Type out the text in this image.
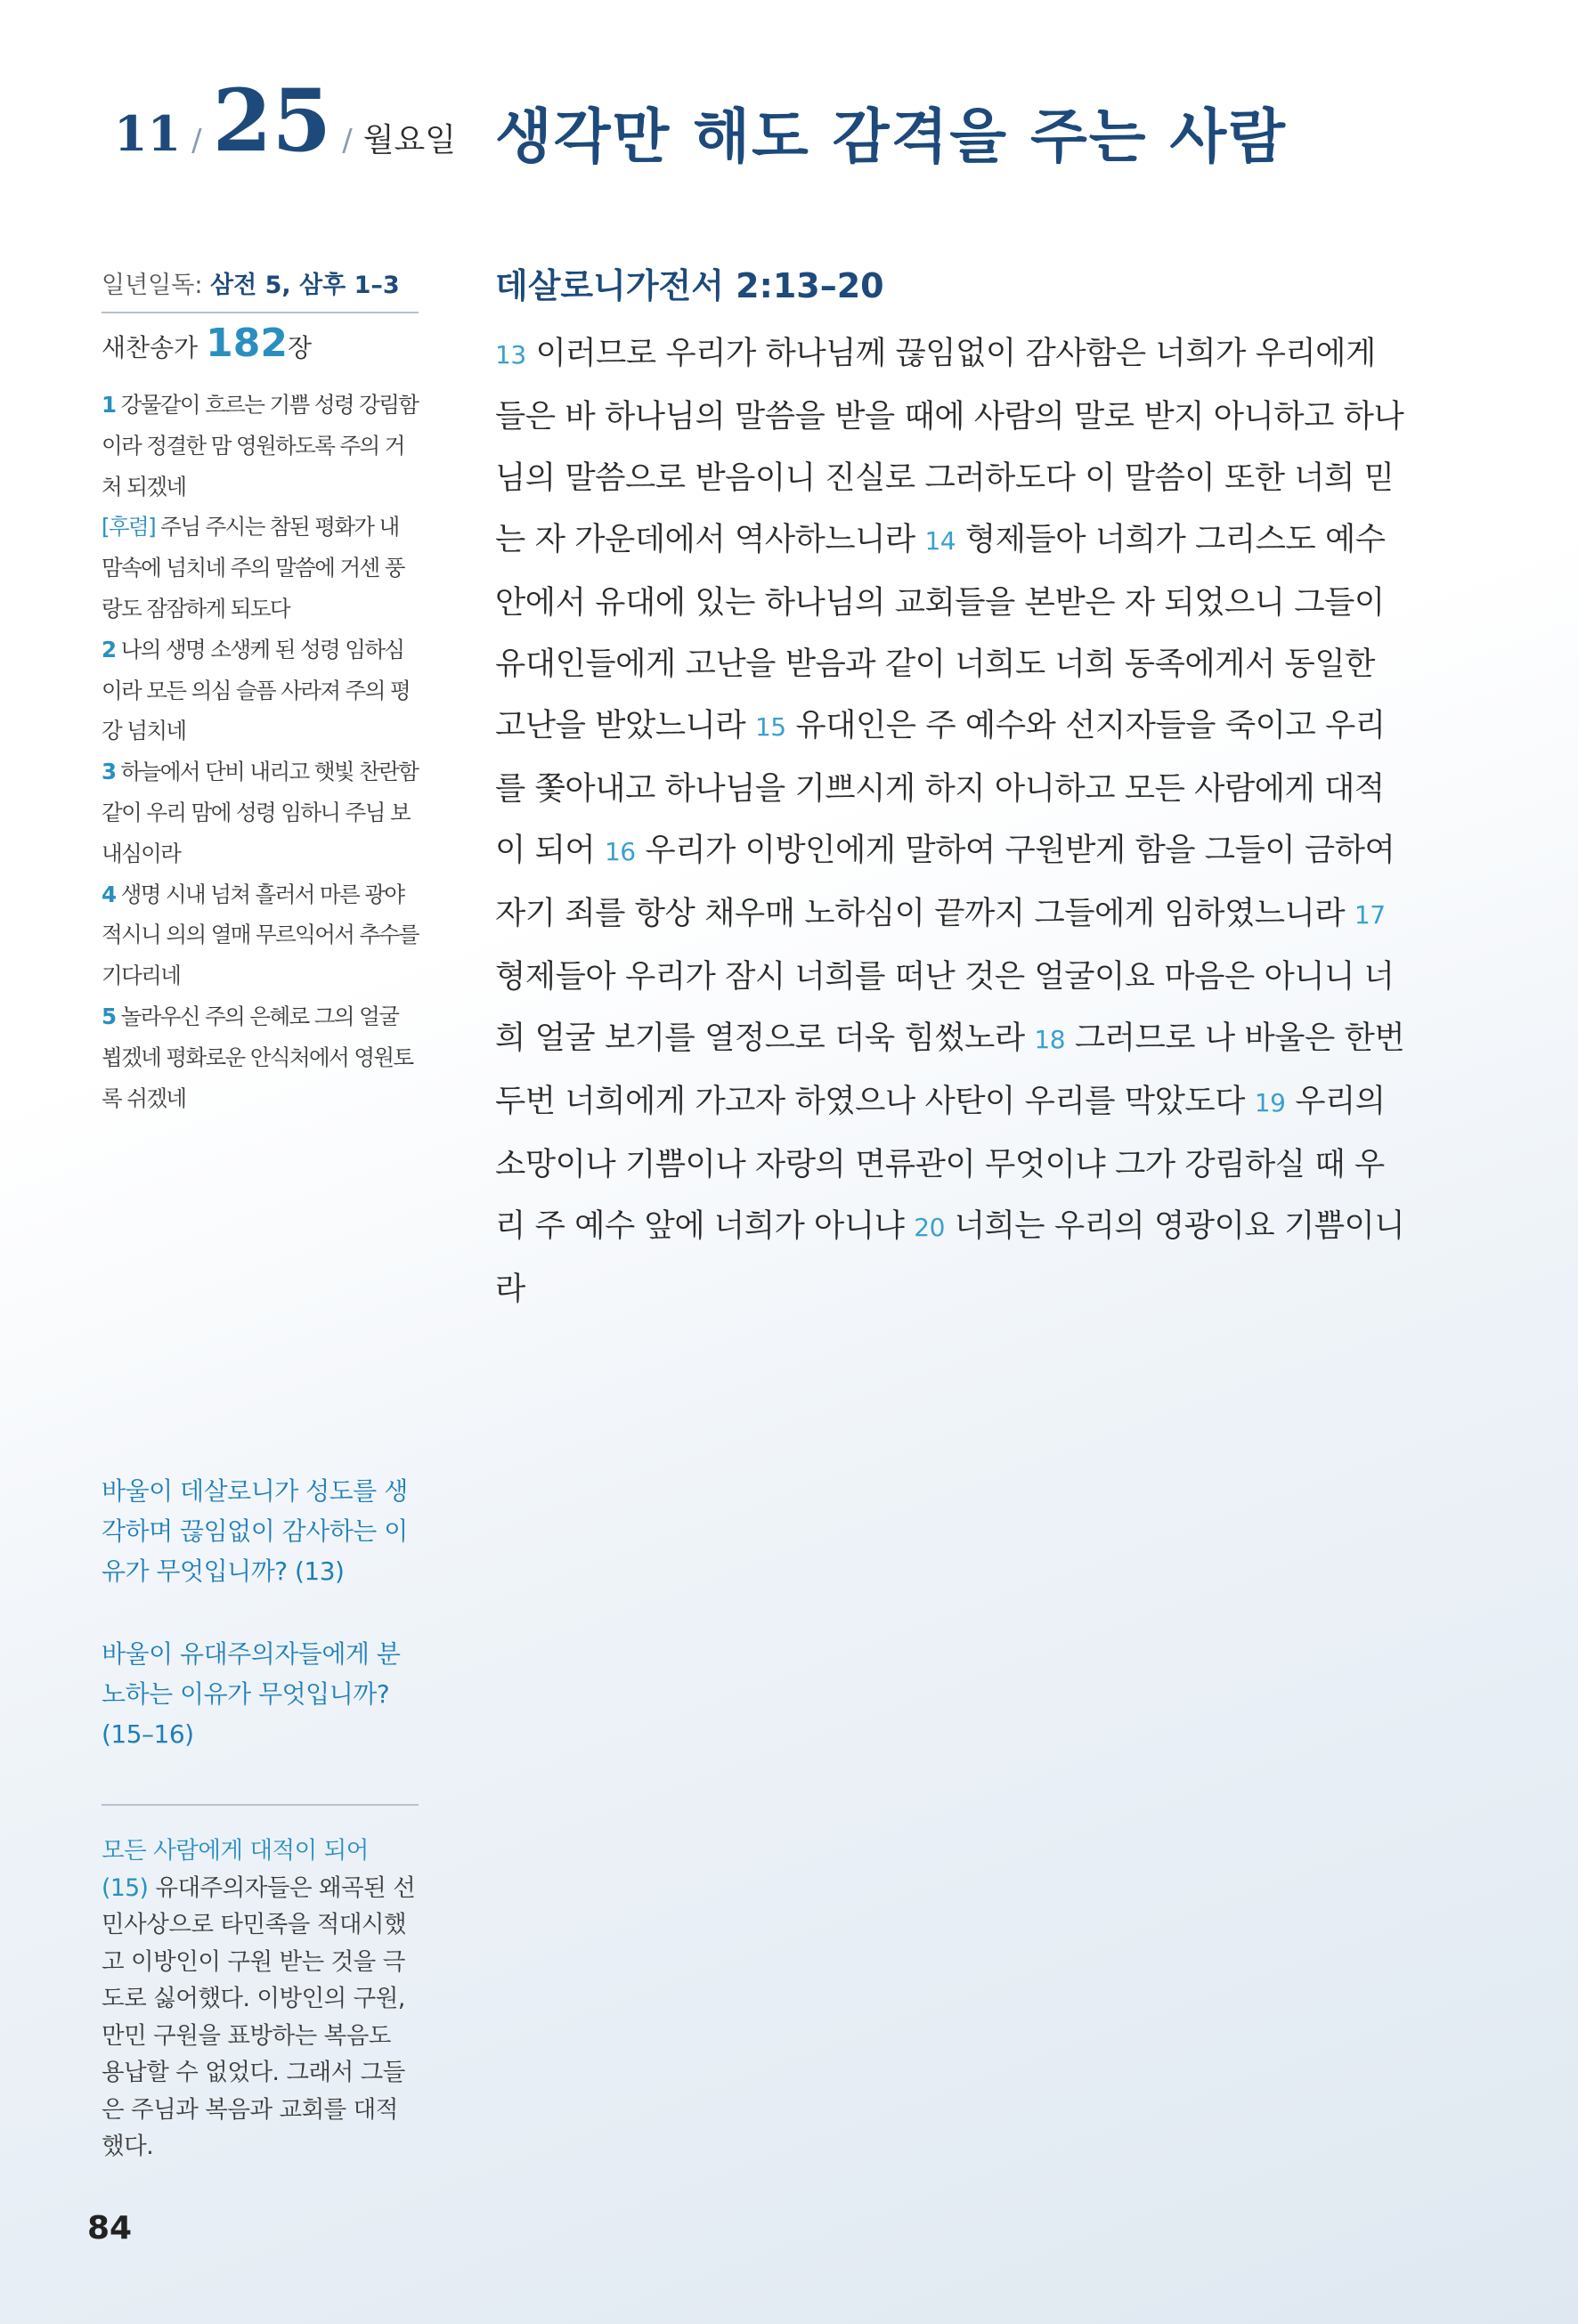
11 / 25 / 월요일 생각만 해도 감격을 주는 사람
일년일독: 삼전 5, 삼후 1–3
새찬송가 182장
1 강물같이 흐르는 기쁨 성령 강림함이라 정결한 맘 영원하도록 주의 거처 되겠네
[후렴] 주님 주시는 참된 평화가 내 맘속에 넘치네 주의 말씀에 거센 풍랑도 잠잠하게 되도다
2 나의 생명 소생케 된 성령 임하심이라 모든 의심 슬픔 사라져 주의 평강 넘치네
3 하늘에서 단비 내리고 햇빛 찬란함 같이 우리 맘에 성령 임하니 주님 보내심이라
4 생명 시내 넘쳐 흘러서 마른 광야 적시니 의의 열매 무르익어서 추수를 기다리네
5 놀라우신 주의 은혜로 그의 얼굴 뵙겠네 평화로운 안식처에서 영원토록 쉬겠네
바울이 데살로니가 성도를 생각하며 끊임없이 감사하는 이유가 무엇입니까? (13)
바울이 유대주의자들에게 분노하는 이유가 무엇입니까? (15–16)
모든 사람에게 대적이 되어 (15) 유대주의자들은 왜곡된 선민사상으로 타민족을 적대시했고 이방인이 구원 받는 것을 극도로 싫어했다. 이방인의 구원, 만민 구원을 표방하는 복음도 용납할 수 없었다. 그래서 그들은 주님과 복음과 교회를 대적했다.
84
데살로니가전서 2:13–20
13 이러므로 우리가 하나님께 끊임없이 감사함은 너희가 우리에게 들은 바 하나님의 말씀을 받을 때에 사람의 말로 받지 아니하고 하나님의 말씀으로 받음이니 진실로 그러하도다 이 말씀이 또한 너희 믿는 자 가운데에서 역사하느니라 14 형제들아 너희가 그리스도 예수 안에서 유대에 있는 하나님의 교회들을 본받은 자 되었으니 그들이 유대인들에게 고난을 받음과 같이 너희도 너희 동족에게서 동일한 고난을 받았느니라 15 유대인은 주 예수와 선지자들을 죽이고 우리를 쫓아내고 하나님을 기쁘시게 하지 아니하고 모든 사람에게 대적이 되어 16 우리가 이방인에게 말하여 구원받게 함을 그들이 금하여 자기 죄를 항상 채우매 노하심이 끝까지 그들에게 임하였느니라 17 형제들아 우리가 잠시 너희를 떠난 것은 얼굴이요 마음은 아니니 너희 얼굴 보기를 열정으로 더욱 힘썼노라 18 그러므로 나 바울은 한번 두번 너희에게 가고자 하였으나 사탄이 우리를 막았도다 19 우리의 소망이나 기쁨이나 자랑의 면류관이 무엇이냐 그가 강림하실 때 우리 주 예수 앞에 너희가 아니냐 20 너희는 우리의 영광이요 기쁨이니라
